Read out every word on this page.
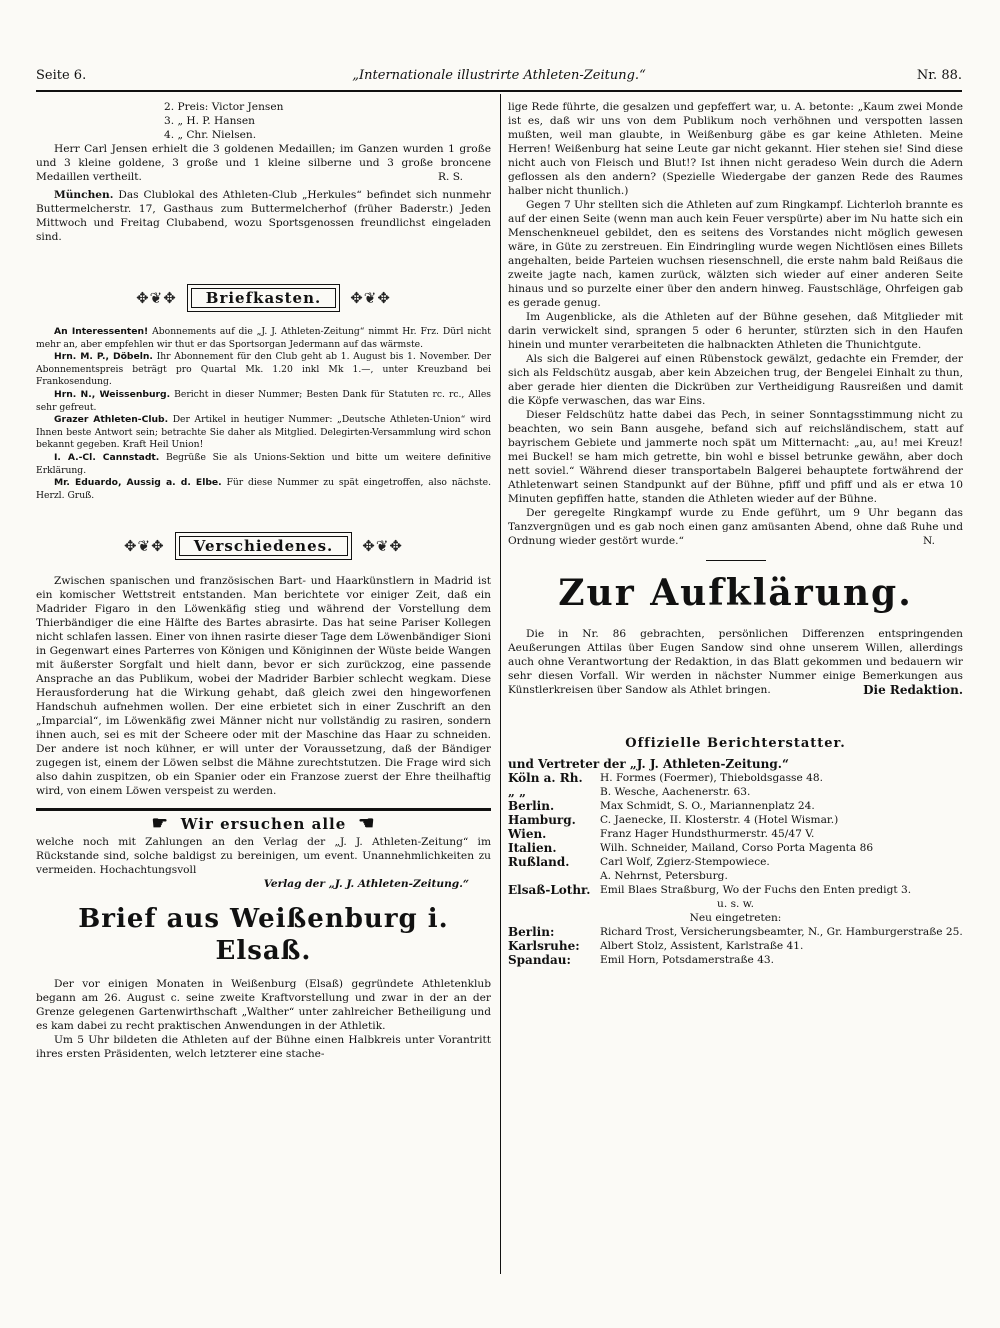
Seite 6.	„Internationale illustrirte Athleten-Zeitung.“	Nr. 88.

2. Preis: Victor Jensen

3. „ H. P. Hansen

4. „ Chr. Nielsen.

Herr Carl Jensen erhielt die 3 goldenen Medaillen; im Ganzen wurden 1 große und 3 kleine goldene, 3 große und 1 kleine silberne und 3 große broncene Medaillen vertheilt.	R. S.

München. Das Clublokal des Athleten-Club „Herkules“ befindet sich nunmehr Buttermelcherstr. 17, Gasthaus zum Buttermelcherhof (früher Baderstr.) Jeden Mittwoch und Freitag Clubabend, wozu Sportsgenossen freundlichst eingeladen sind.

✥❦✥	Briefkasten.	✥❦✥

An Interessenten! Abonnements auf die „J. J. Athleten-Zeitung“ nimmt Hr. Frz. Dürl nicht mehr an, aber empfehlen wir thut er das Sportsorgan Jedermann auf das wärmste.

Hrn. M. P., Döbeln. Ihr Abonnement für den Club geht ab 1. August bis 1. November. Der Abonnementspreis beträgt pro Quartal Mk. 1.20 inkl Mk 1.—, unter Kreuzband bei Frankosendung.

Hrn. N., Weissenburg. Bericht in dieser Nummer; Besten Dank für Statuten rc. rc., Alles sehr gefreut.

Grazer Athleten-Club. Der Artikel in heutiger Nummer: „Deutsche Athleten-Union“ wird Ihnen beste Antwort sein; betrachte Sie daher als Mitglied. Delegirten-Versammlung wird schon bekannt gegeben. Kraft Heil Union!

I. A.-Cl. Cannstadt. Begrüße Sie als Unions-Sektion und bitte um weitere definitive Erklärung.

Mr. Eduardo, Aussig a. d. Elbe. Für diese Nummer zu spät eingetroffen, also nächste. Herzl. Gruß.

✥❦✥	Verschiedenes.	✥❦✥

Zwischen spanischen und französischen Bart- und Haarkünstlern in Madrid ist ein komischer Wettstreit entstanden. Man berichtete vor einiger Zeit, daß ein Madrider Figaro in den Löwenkäfig stieg und während der Vorstellung dem Thierbändiger die eine Hälfte des Bartes abrasirte. Das hat seine Pariser Kollegen nicht schlafen lassen. Einer von ihnen rasirte dieser Tage dem Löwenbändiger Sioni in Gegenwart eines Parterres von Königen und Königinnen der Wüste beide Wangen mit äußerster Sorgfalt und hielt dann, bevor er sich zurückzog, eine passende Ansprache an das Publikum, wobei der Madrider Barbier schlecht wegkam. Diese Herausforderung hat die Wirkung gehabt, daß gleich zwei den hingeworfenen Handschuh aufnehmen wollen. Der eine erbietet sich in einer Zuschrift an den „Imparcial“, im Löwenkäfig zwei Männer nicht nur vollständig zu rasiren, sondern ihnen auch, sei es mit der Scheere oder mit der Maschine das Haar zu schneiden. Der andere ist noch kühner, er will unter der Voraussetzung, daß der Bändiger zugegen ist, einem der Löwen selbst die Mähne zurechtstutzen. Die Frage wird sich also dahin zuspitzen, ob ein Spanier oder ein Franzose zuerst der Ehre theilhaftig wird, von einem Löwen verspeist zu werden.

☛ Wir ersuchen alle ☚

welche noch mit Zahlungen an den Verlag der „J. J. Athleten-Zeitung“ im Rückstande sind, solche baldigst zu bereinigen, um event. Unannehmlichkeiten zu vermeiden. Hochachtungsvoll

Verlag der „J. J. Athleten-Zeitung.“

Brief aus Weißenburg i. Elsaß.

Der vor einigen Monaten in Weißenburg (Elsaß) gegründete Athletenklub begann am 26. August c. seine zweite Kraftvorstellung und zwar in der an der Grenze gelegenen Gartenwirthschaft „Walther“ unter zahlreicher Betheiligung und es kam dabei zu recht praktischen Anwendungen in der Athletik.

Um 5 Uhr bildeten die Athleten auf der Bühne einen Halbkreis unter Vorantritt ihres ersten Präsidenten, welch letzterer eine stache-

lige Rede führte, die gesalzen und gepfeffert war, u. A. betonte: „Kaum zwei Monde ist es, daß wir uns von dem Publikum noch verhöhnen und verspotten lassen mußten, weil man glaubte, in Weißenburg gäbe es gar keine Athleten. Meine Herren! Weißenburg hat seine Leute gar nicht gekannt. Hier stehen sie! Sind diese nicht auch von Fleisch und Blut!? Ist ihnen nicht geradeso Wein durch die Adern geflossen als den andern? (Spezielle Wiedergabe der ganzen Rede des Raumes halber nicht thunlich.)

Gegen 7 Uhr stellten sich die Athleten auf zum Ringkampf. Lichterloh brannte es auf der einen Seite (wenn man auch kein Feuer verspürte) aber im Nu hatte sich ein Menschenkneuel gebildet, den es seitens des Vorstandes nicht möglich gewesen wäre, in Güte zu zerstreuen. Ein Eindringling wurde wegen Nichtlösen eines Billets angehalten, beide Parteien wuchsen riesenschnell, die erste nahm bald Reißaus die zweite jagte nach, kamen zurück, wälzten sich wieder auf einer anderen Seite hinaus und so purzelte einer über den andern hinweg. Faustschläge, Ohrfeigen gab es gerade genug.

Im Augenblicke, als die Athleten auf der Bühne gesehen, daß Mitglieder mit darin verwickelt sind, sprangen 5 oder 6 herunter, stürzten sich in den Haufen hinein und munter verarbeiteten die halbnackten Athleten die Thunichtgute.

Als sich die Balgerei auf einen Rübenstock gewälzt, gedachte ein Fremder, der sich als Feldschütz ausgab, aber kein Abzeichen trug, der Bengelei Einhalt zu thun, aber gerade hier dienten die Dickrüben zur Vertheidigung Rausreißen und damit die Köpfe verwaschen, das war Eins.

Dieser Feldschütz hatte dabei das Pech, in seiner Sonntagsstimmung nicht zu beachten, wo sein Bann ausgehe, befand sich auf reichsländischem, statt auf bayrischem Gebiete und jammerte noch spät um Mitternacht: „au, au! mei Kreuz! mei Buckel! se ham mich getrette, bin wohl e bissel betrunke gewähn, aber doch nett soviel.“ Während dieser transportabeln Balgerei behauptete fortwährend der Athletenwart seinen Standpunkt auf der Bühne, pfiff und pfiff und als er etwa 10 Minuten gepfiffen hatte, standen die Athleten wieder auf der Bühne.

Der geregelte Ringkampf wurde zu Ende geführt, um 9 Uhr begann das Tanzvergnügen und es gab noch einen ganz amüsanten Abend, ohne daß Ruhe und Ordnung wieder gestört wurde.“	N.

Zur Aufklärung.

Die in Nr. 86 gebrachten, persönlichen Differenzen entspringenden Aeußerungen Attilas über Eugen Sandow sind ohne unserem Willen, allerdings auch ohne Verantwortung der Redaktion, in das Blatt gekommen und bedauern wir sehr diesen Vorfall. Wir werden in nächster Nummer einige Bemerkungen aus Künstlerkreisen über Sandow als Athlet bringen.	Die Redaktion.

Offizielle Berichterstatter.

und Vertreter der „J. J. Athleten-Zeitung.“

Köln a. Rh.	H. Formes (Foermer), Thieboldsgasse 48.
„ „	B. Wesche, Aachenerstr. 63.
Berlin.	Max Schmidt, S. O., Mariannenplatz 24.
Hamburg.	C. Jaenecke, II. Klosterstr. 4 (Hotel Wismar.)
Wien.	Franz Hager Hundsthurmerstr. 45/47 V.
Italien.	Wilh. Schneider, Mailand, Corso Porta Magenta 86
Rußland.	Carl Wolf, Zgierz-Stempowiece.
A. Nehrnst, Petersburg.
Elsaß-Lothr. Emil Blaes Straßburg, Wo der Fuchs den Enten predigt 3.

u. s. w.

Neu eingetreten:

Berlin:	Richard Trost, Versicherungsbeamter, N., Gr. Hamburgerstraße 25.
Karlsruhe:	Albert Stolz, Assistent, Karlstraße 41.
Spandau:	Emil Horn, Potsdamerstraße 43.
